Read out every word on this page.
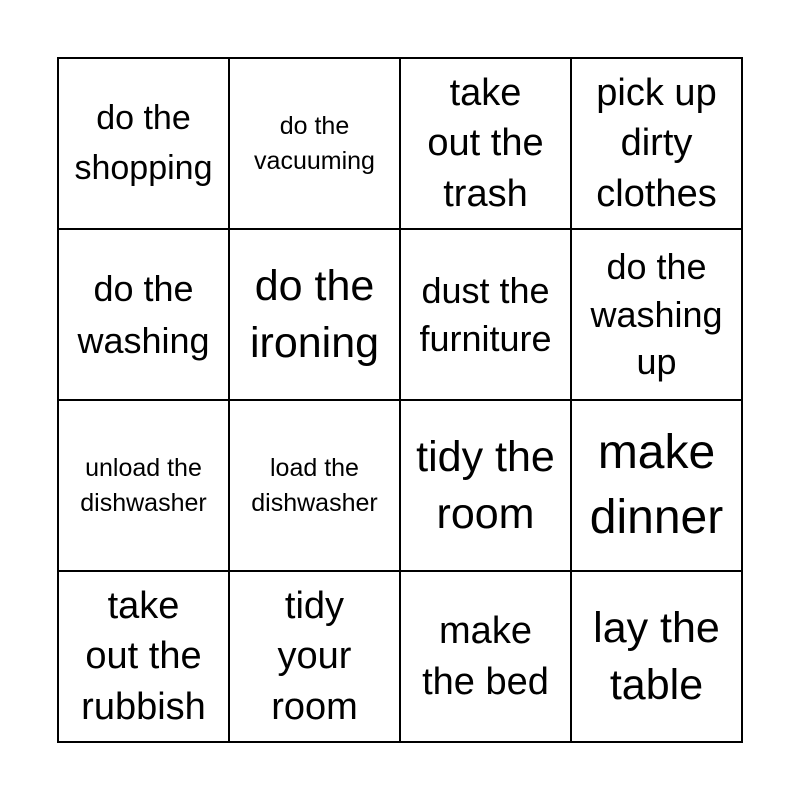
do the
shopping
do the
vacuuming
take
out the
trash
pick up
dirty
clothes
do the
washing
do the
ironing
dust the
furniture
do the
washing
up
unload the
dishwasher
load the
dishwasher
tidy the
room
make
dinner
take
out the
rubbish
tidy
your
room
make
the bed
lay the
table
